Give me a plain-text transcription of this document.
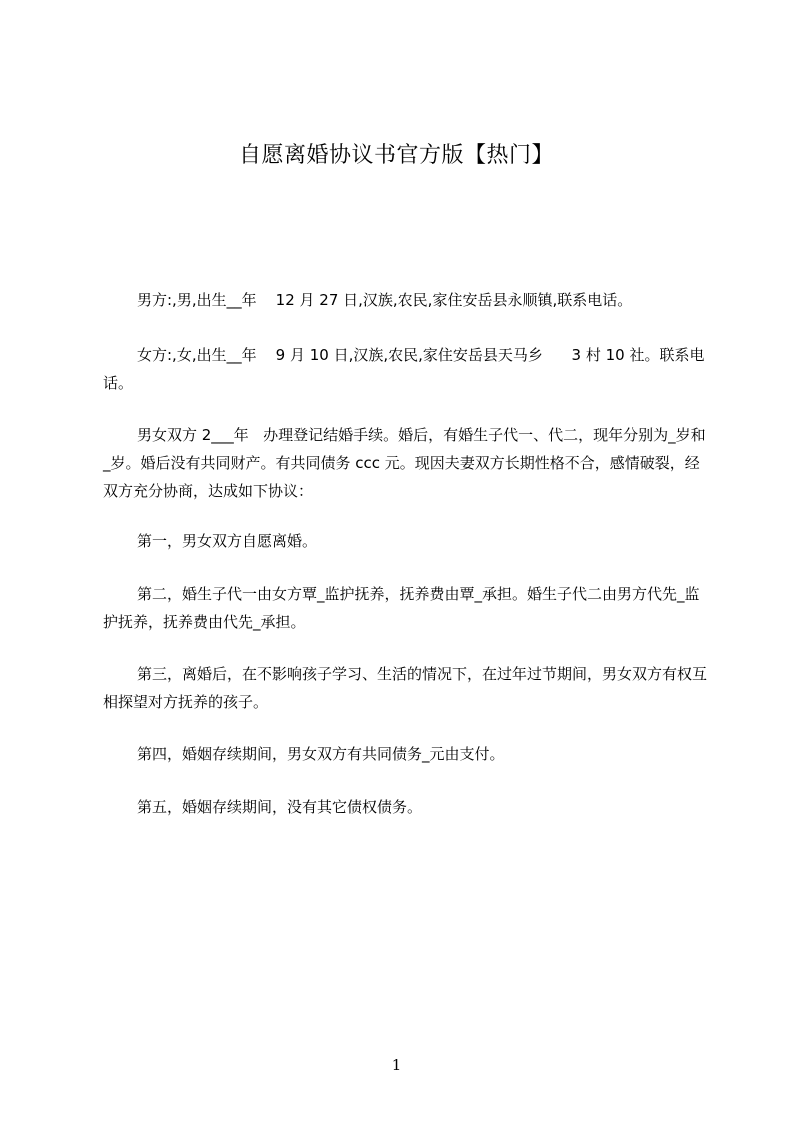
自愿离婚协议书官方版【热门】
男方:,男,出生__年    12 月 27 日,汉族,农民,家住安岳县永顺镇,联系电话。
女方:,女,出生__年    9 月 10 日,汉族,农民,家住安岳县天马乡      3 村 10 社。联系电话。
男女双方 2___年   办理登记结婚手续。婚后，有婚生子代一、代二，现年分别为_岁和_岁。婚后没有共同财产。有共同债务 ccc 元。现因夫妻双方长期性格不合，感情破裂，经双方充分协商，达成如下协议：
第一，男女双方自愿离婚。
第二，婚生子代一由女方覃_监护抚养，抚养费由覃_承担。婚生子代二由男方代先_监护抚养，抚养费由代先_承担。
第三，离婚后，在不影响孩子学习、生活的情况下，在过年过节期间，男女双方有权互相探望对方抚养的孩子。
第四，婚姻存续期间，男女双方有共同债务_元由支付。
第五，婚姻存续期间，没有其它债权债务。
1
